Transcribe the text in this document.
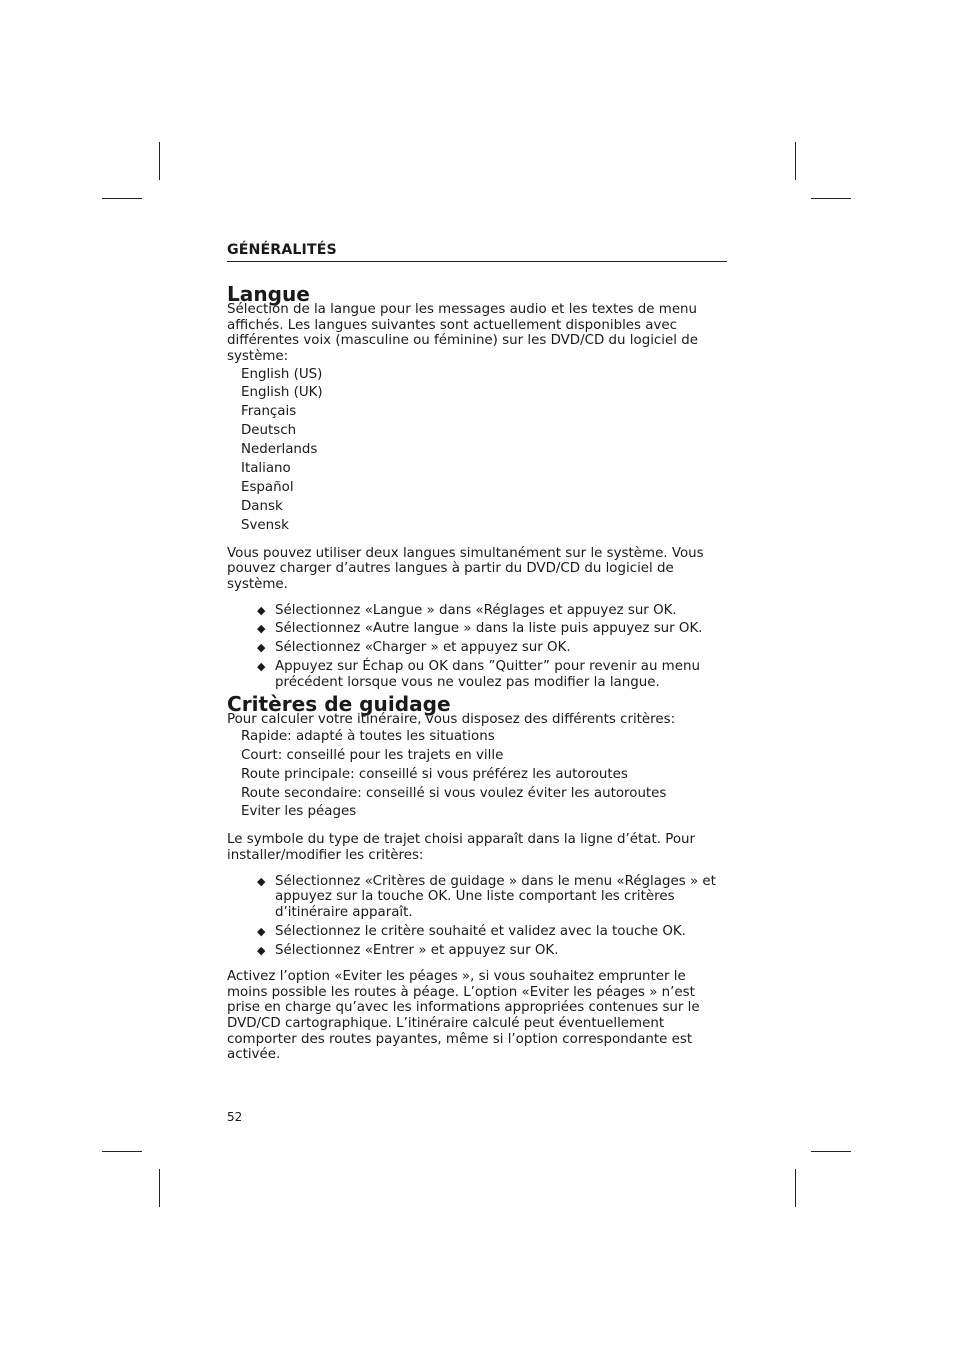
GÉNÉRALITÉS
Langue

Sélection de la langue pour les messages audio et les textes de menu affichés. Les langues suivantes sont actuellement disponibles avec différentes voix (masculine ou féminine) sur les DVD/CD du logiciel de système:

English (US)
English (UK)
Français
Deutsch
Nederlands
Italiano
Español
Dansk
Svensk

Vous pouvez utiliser deux langues simultanément sur le système. Vous pouvez charger d’autres langues à partir du DVD/CD du logiciel de système.

◆ Sélectionnez «Langue » dans «Réglages et appuyez sur OK.
◆ Sélectionnez «Autre langue » dans la liste puis appuyez sur OK.
◆ Sélectionnez «Charger » et appuyez sur OK.
◆ Appuyez sur Échap ou OK dans ”Quitter” pour revenir au menu précédent lorsque vous ne voulez pas modifier la langue.
Critères de guidage

Pour calculer votre itinéraire, vous disposez des différents critères:

Rapide: adapté à toutes les situations
Court: conseillé pour les trajets en ville
Route principale: conseillé si vous préférez les autoroutes
Route secondaire: conseillé si vous voulez éviter les autoroutes
Eviter les péages

Le symbole du type de trajet choisi apparaît dans la ligne d’état. Pour installer/modifier les critères:

◆ Sélectionnez «Critères de guidage » dans le menu «Réglages » et appuyez sur la touche OK. Une liste comportant les critères d’itinéraire apparaît.
◆ Sélectionnez le critère souhaité et validez avec la touche OK.
◆ Sélectionnez «Entrer » et appuyez sur OK.

Activez l’option «Eviter les péages », si vous souhaitez emprunter le moins possible les routes à péage. L’option «Eviter les péages » n’est prise en charge qu’avec les informations appropriées contenues sur le DVD/CD cartographique. L’itinéraire calculé peut éventuellement comporter des routes payantes, même si l’option correspondante est activée.

52
